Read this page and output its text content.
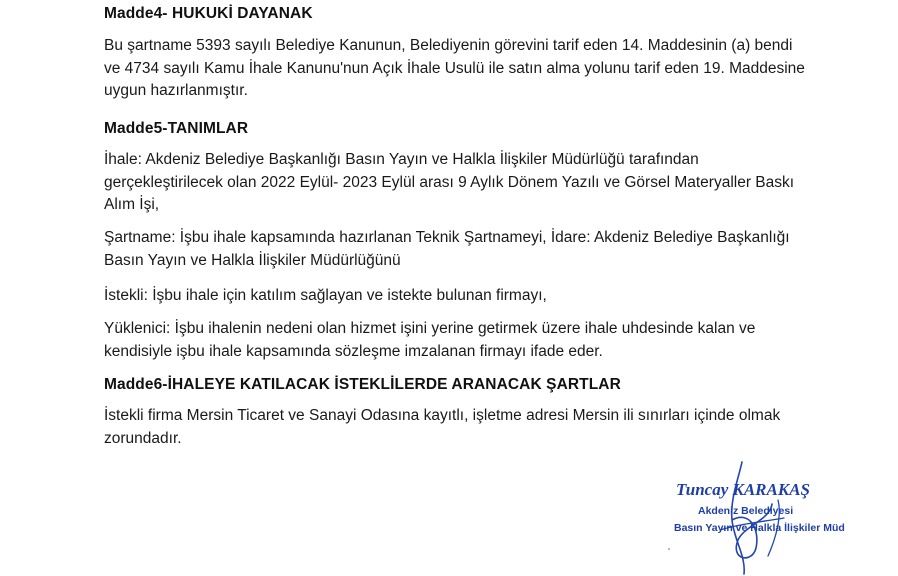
Madde4- HUKUKİ DAYANAK
Bu şartname 5393 sayılı Belediye Kanunun, Belediyenin görevini tarif eden 14. Maddesinin (a) bendi
ve 4734 sayılı Kamu İhale Kanunu'nun Açık İhale Usulü ile satın alma yolunu tarif eden 19. Maddesine
uygun hazırlanmıştır.
Madde5-TANIMLAR
İhale: Akdeniz Belediye Başkanlığı Basın Yayın ve Halkla İlişkiler Müdürlüğü tarafından
gerçekleştirilecek olan 2022 Eylül- 2023 Eylül arası 9 Aylık Dönem Yazılı ve Görsel Materyaller Baskı
Alım İşi,
Şartname: İşbu ihale kapsamında hazırlanan Teknik Şartnameyi, İdare: Akdeniz Belediye Başkanlığı
Basın Yayın ve Halkla İlişkiler Müdürlüğünü
İstekli: İşbu ihale için katılım sağlayan ve istekte bulunan firmayı,
Yüklenici: İşbu ihalenin nedeni olan hizmet işini yerine getirmek üzere ihale uhdesinde kalan ve
kendisiyle işbu ihale kapsamında sözleşme imzalanan firmayı ifade eder.
Madde6-İHALEYE KATILACAK İSTEKLİLERDE ARANACAK ŞARTLAR
İstekli firma Mersin Ticaret ve Sanayi Odasına kayıtlı, işletme adresi Mersin ili sınırları içinde olmak
zorundadır.
Tuncay KARAKAŞ
Akdeniz Belediyesi
Basın Yayın ve Halkla İlişkiler Müd
